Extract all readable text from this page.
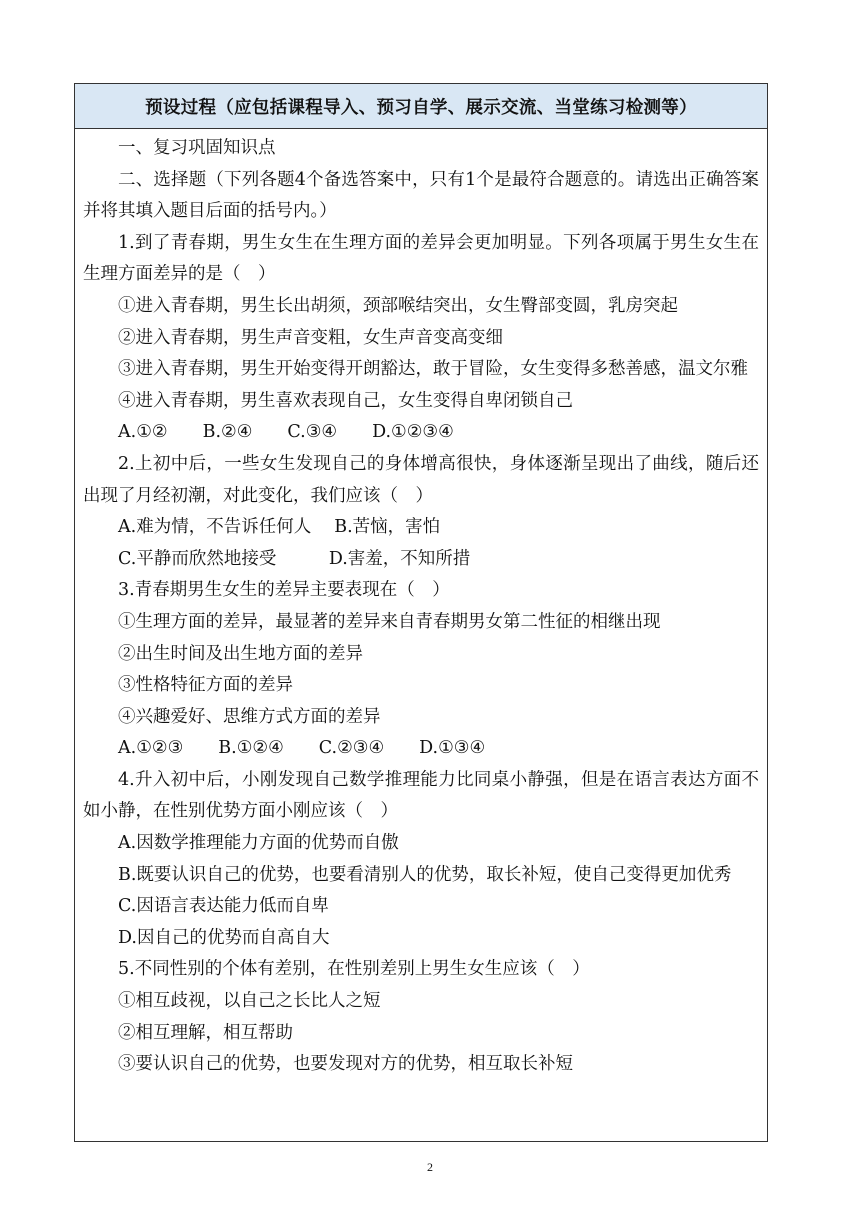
预设过程（应包括课程导入、预习自学、展示交流、当堂练习检测等）

一、复习巩固知识点

二、选择题（下列各题4个备选答案中，只有1个是最符合题意的。请选出正确答案并将其填入题目后面的括号内。）

1.到了青春期，男生女生在生理方面的差异会更加明显。下列各项属于男生女生在生理方面差异的是（　）

①进入青春期，男生长出胡须，颈部喉结突出，女生臀部变圆，乳房突起

②进入青春期，男生声音变粗，女生声音变高变细

③进入青春期，男生开始变得开朗豁达，敢于冒险，女生变得多愁善感，温文尔雅

④进入青春期，男生喜欢表现自己，女生变得自卑闭锁自己

A.①②　　B.②④　　C.③④　　D.①②③④

2.上初中后，一些女生发现自己的身体增高很快，身体逐渐呈现出了曲线，随后还出现了月经初潮，对此变化，我们应该（　）

A.难为情，不告诉任何人　 B.苦恼，害怕

C.平静而欣然地接受　　　D.害羞，不知所措

3.青春期男生女生的差异主要表现在（　）

①生理方面的差异，最显著的差异来自青春期男女第二性征的相继出现

②出生时间及出生地方面的差异

③性格特征方面的差异

④兴趣爱好、思维方式方面的差异

A.①②③　　B.①②④　　C.②③④　　D.①③④

4.升入初中后，小刚发现自己数学推理能力比同桌小静强，但是在语言表达方面不如小静，在性别优势方面小刚应该（　）

A.因数学推理能力方面的优势而自傲

B.既要认识自己的优势，也要看清别人的优势，取长补短，使自己变得更加优秀

C.因语言表达能力低而自卑

D.因自己的优势而自高自大

5.不同性别的个体有差别，在性别差别上男生女生应该（　）

①相互歧视，以自己之长比人之短

②相互理解，相互帮助

③要认识自己的优势，也要发现对方的优势，相互取长补短

2
